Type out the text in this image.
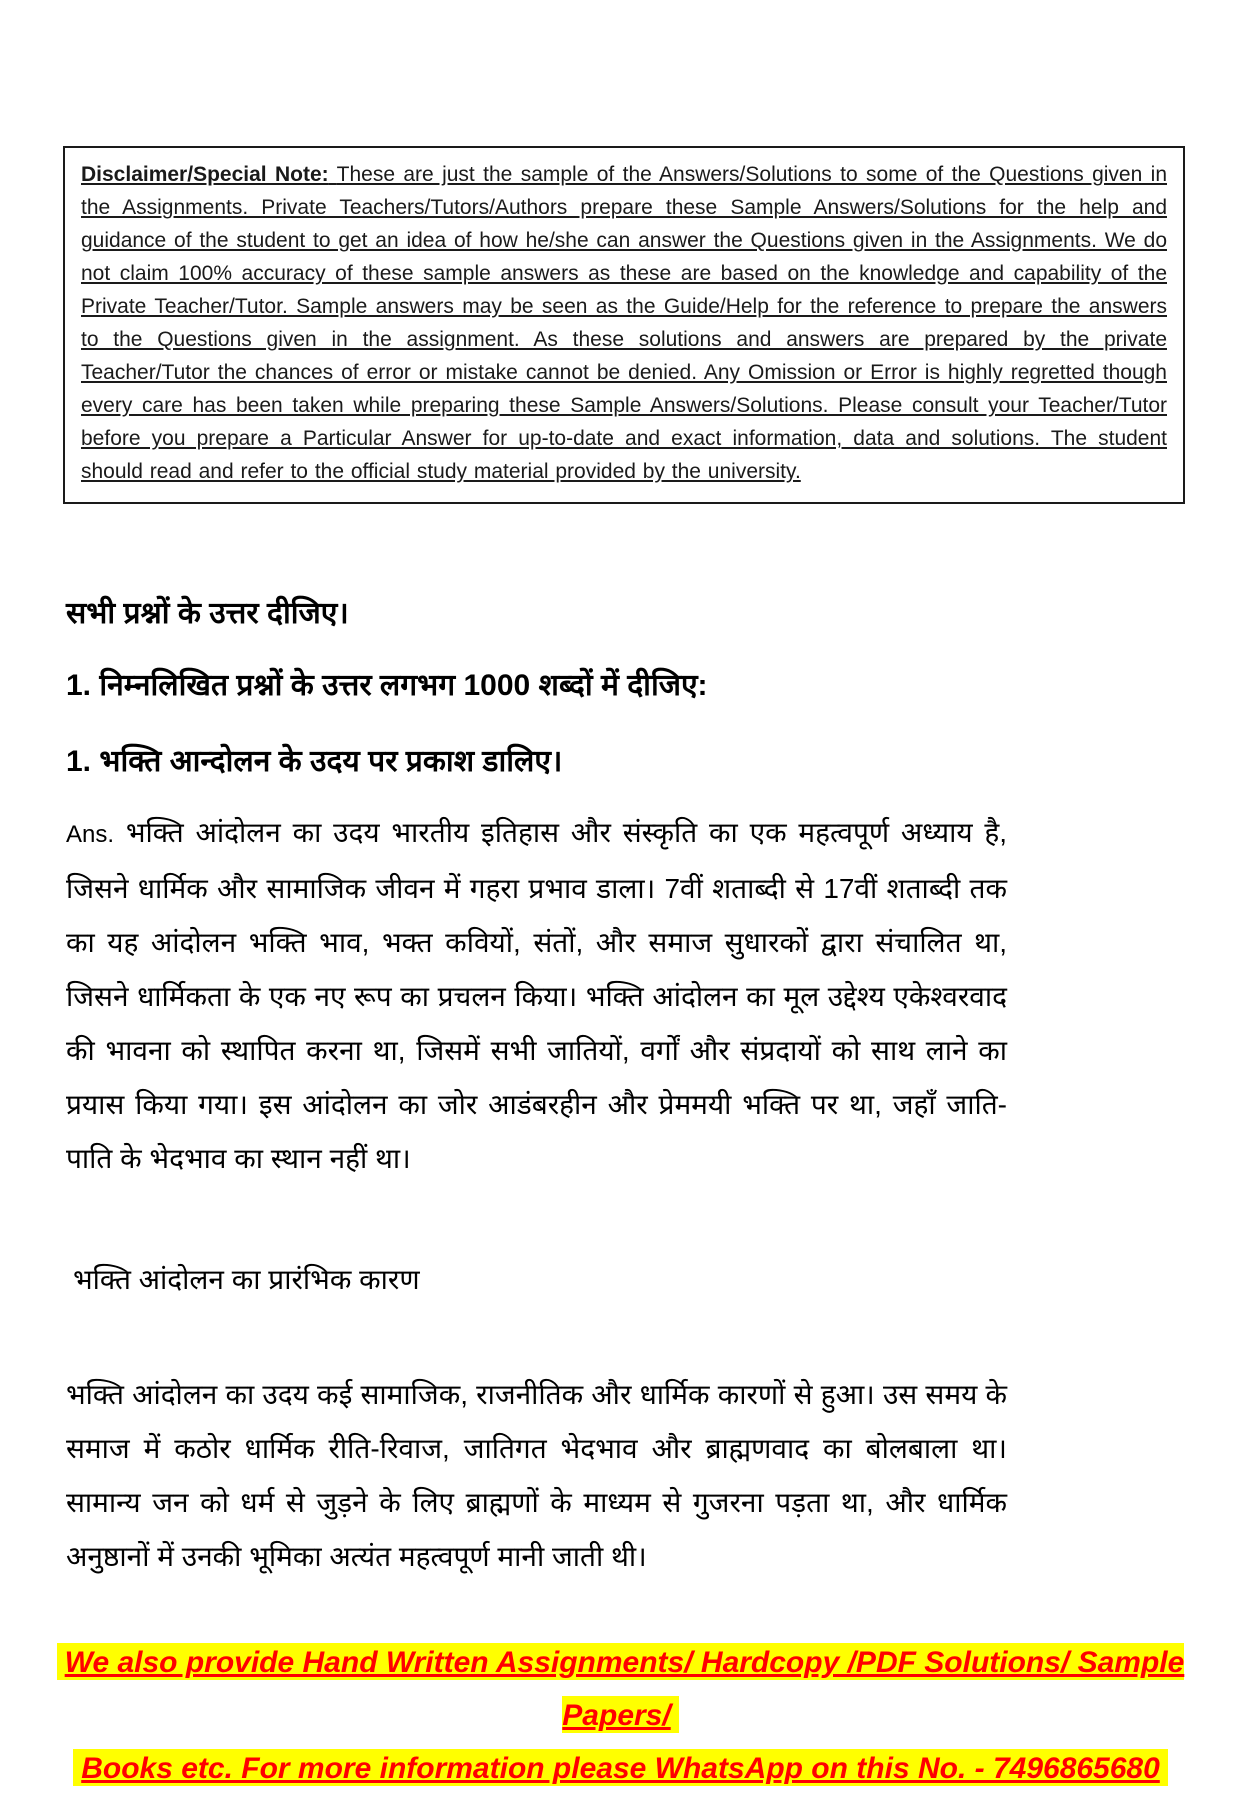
Disclaimer/Special Note: These are just the sample of the Answers/Solutions to some of the Questions given in the Assignments. Private Teachers/Tutors/Authors prepare these Sample Answers/Solutions for the help and guidance of the student to get an idea of how he/she can answer the Questions given in the Assignments. We do not claim 100% accuracy of these sample answers as these are based on the knowledge and capability of the Private Teacher/Tutor. Sample answers may be seen as the Guide/Help for the reference to prepare the answers to the Questions given in the assignment. As these solutions and answers are prepared by the private Teacher/Tutor the chances of error or mistake cannot be denied. Any Omission or Error is highly regretted though every care has been taken while preparing these Sample Answers/Solutions. Please consult your Teacher/Tutor before you prepare a Particular Answer for up-to-date and exact information, data and solutions. The student should read and refer to the official study material provided by the university.

सभी प्रश्नों के उत्तर दीजिए।

1. निम्नलिखित प्रश्नों के उत्तर लगभग 1000 शब्दों में दीजिए:

1. भक्ति आन्दोलन के उदय पर प्रकाश डालिए।

Ans. भक्ति आंदोलन का उदय भारतीय इतिहास और संस्कृति का एक महत्वपूर्ण अध्याय है, जिसने धार्मिक और सामाजिक जीवन में गहरा प्रभाव डाला। 7वीं शताब्दी से 17वीं शताब्दी तक का यह आंदोलन भक्ति भाव, भक्त कवियों, संतों, और समाज सुधारकों द्वारा संचालित था, जिसने धार्मिकता के एक नए रूप का प्रचलन किया। भक्ति आंदोलन का मूल उद्देश्य एकेश्वरवाद की भावना को स्थापित करना था, जिसमें सभी जातियों, वर्गों और संप्रदायों को साथ लाने का प्रयास किया गया। इस आंदोलन का जोर आडंबरहीन और प्रेममयी भक्ति पर था, जहाँ जाति-पाति के भेदभाव का स्थान नहीं था।

भक्ति आंदोलन का प्रारंभिक कारण

भक्ति आंदोलन का उदय कई सामाजिक, राजनीतिक और धार्मिक कारणों से हुआ। उस समय के समाज में कठोर धार्मिक रीति-रिवाज, जातिगत भेदभाव और ब्राह्मणवाद का बोलबाला था। सामान्य जन को धर्म से जुड़ने के लिए ब्राह्मणों के माध्यम से गुजरना पड़ता था, और धार्मिक अनुष्ठानों में उनकी भूमिका अत्यंत महत्वपूर्ण मानी जाती थी।

We also provide Hand Written Assignments/ Hardcopy /PDF Solutions/ Sample Papers/
Books etc. For more information please WhatsApp on this No. - 7496865680
